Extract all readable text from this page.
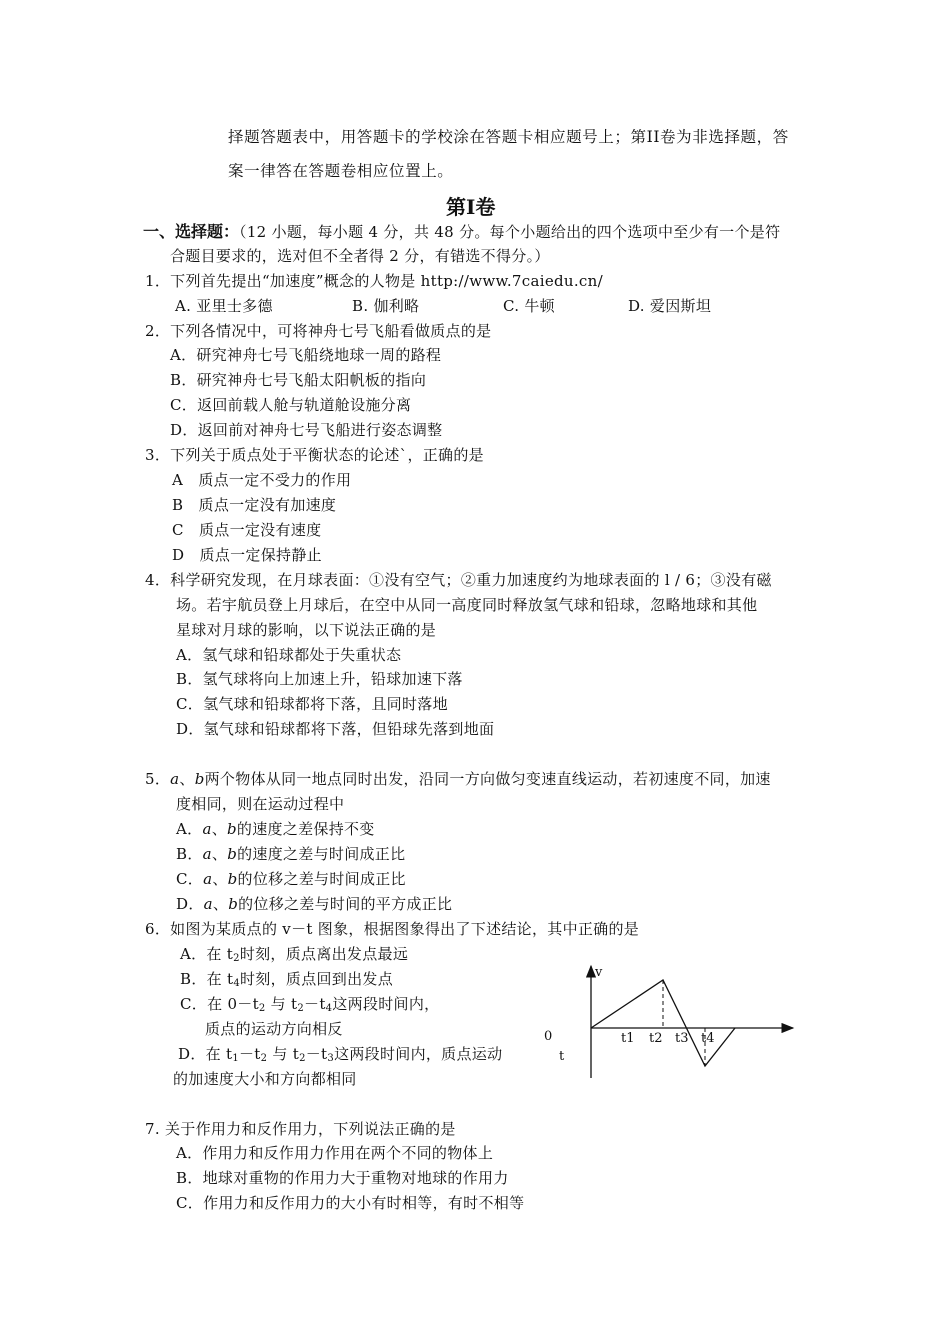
择题答题表中，用答题卡的学校涂在答题卡相应题号上；第II卷为非选择题，答
案一律答在答题卷相应位置上。
第I卷
一、选择题：（12 小题，每小题 4 分，共 48 分。每个小题给出的四个选项中至少有一个是符
合题目要求的，选对但不全者得 2 分，有错选不得分。）
1．下列首先提出“加速度”概念的人物是 http://www.7caiedu.cn/
A. 亚里士多德	B. 伽利略	C. 牛顿	D. 爱因斯坦
2．下列各情况中，可将神舟七号飞船看做质点的是
A．研究神舟七号飞船绕地球一周的路程
B．研究神舟七号飞船太阳帆板的指向
C．返回前载人舱与轨道舱设施分离
D．返回前对神舟七号飞船进行姿态调整
3．下列关于质点处于平衡状态的论述`，正确的是
A   质点一定不受力的作用
B   质点一定没有加速度
C   质点一定没有速度
D   质点一定保持静止
4．科学研究发现，在月球表面：①没有空气；②重力加速度约为地球表面的 l / 6；③没有磁
场。若宇航员登上月球后，在空中从同一高度同时释放氢气球和铅球，忽略地球和其他
星球对月球的影响，以下说法正确的是
A．氢气球和铅球都处于失重状态
B．氢气球将向上加速上升，铅球加速下落
C．氢气球和铅球都将下落，且同时落地
D．氢气球和铅球都将下落，但铅球先落到地面
5．a、b两个物体从同一地点同时出发，沿同一方向做匀变速直线运动，若初速度不同，加速
度相同，则在运动过程中
A．a、b的速度之差保持不变
B．a、b的速度之差与时间成正比
C．a、b的位移之差与时间成正比
D．a、b的位移之差与时间的平方成正比
6．如图为某质点的 v－t 图象，根据图象得出了下述结论，其中正确的是
A．在 $t_2$时刻，质点离出发点最远
B．在 $t_4$时刻，质点回到出发点
C．在 $0-t_2$ 与 $t_2-t_4$这两段时间内，
质点的运动方向相反
D．在 $t_1-t_2$ 与 $t_2-t_3$这两段时间内，质点运动
的加速度大小和方向都相同
v
0
t
t1 t2 t3 t4
7. 关于作用力和反作用力，下列说法正确的是
A．作用力和反作用力作用在两个不同的物体上
B．地球对重物的作用力大于重物对地球的作用力
C．作用力和反作用力的大小有时相等，有时不相等
